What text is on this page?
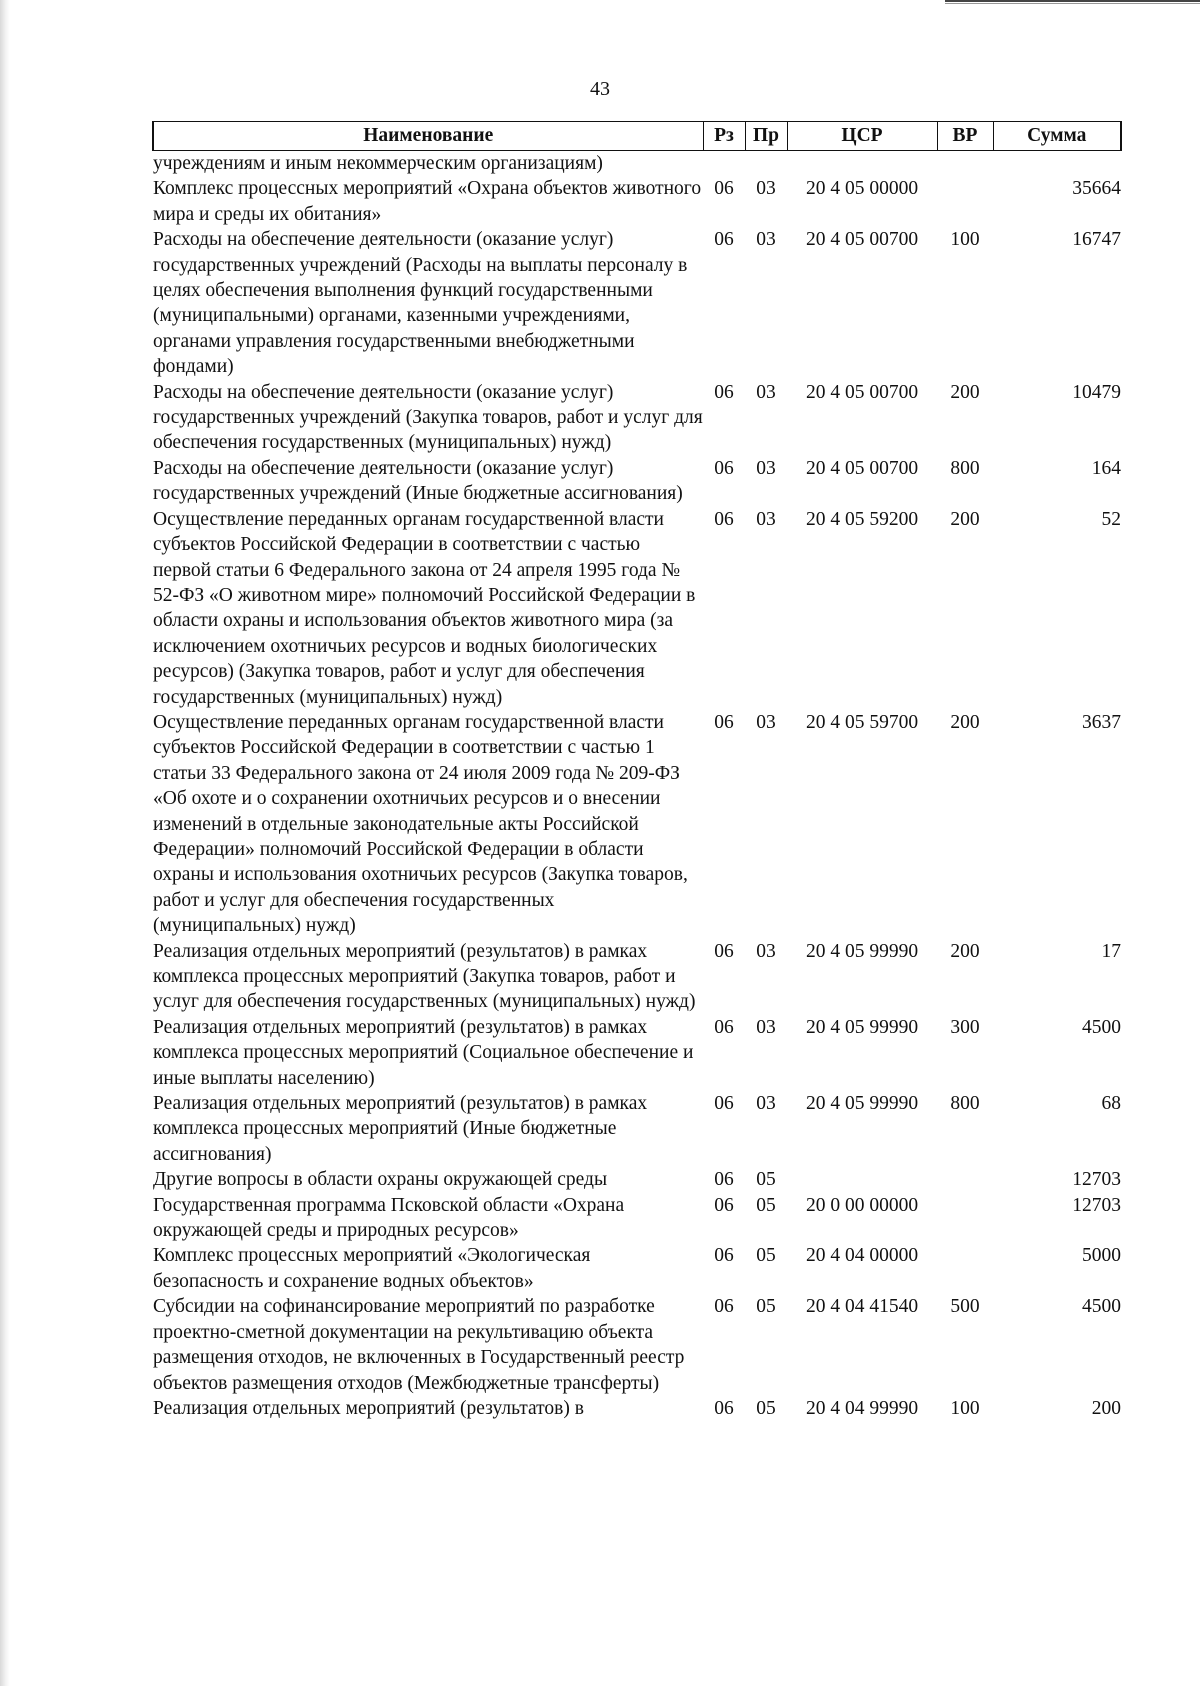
43
Наименование	Рз	Пр	ЦСР	ВР	Сумма
учреждениям и иным некоммерческим организациям)					
Комплекс процессных мероприятий «Охрана объектов животного мира и среды их обитания»	06	03	20 4 05 00000		35664
Расходы на обеспечение деятельности (оказание услуг) государственных учреждений (Расходы на выплаты персоналу в целях обеспечения выполнения функций государственными (муниципальными) органами, казенными учреждениями, органами управления государственными внебюджетными фондами)	06	03	20 4 05 00700	100	16747
Расходы на обеспечение деятельности (оказание услуг) государственных учреждений (Закупка товаров, работ и услуг для обеспечения государственных (муниципальных) нужд)	06	03	20 4 05 00700	200	10479
Расходы на обеспечение деятельности (оказание услуг) государственных учреждений (Иные бюджетные ассигнования)	06	03	20 4 05 00700	800	164
Осуществление переданных органам государственной власти субъектов Российской Федерации в соответствии с частью первой статьи 6 Федерального закона от 24 апреля 1995 года № 52-ФЗ «О животном мире» полномочий Российской Федерации в области охраны и использования объектов животного мира (за исключением охотничьих ресурсов и водных биологических ресурсов) (Закупка товаров, работ и услуг для обеспечения государственных (муниципальных) нужд)	06	03	20 4 05 59200	200	52
Осуществление переданных органам государственной власти субъектов Российской Федерации в соответствии с частью 1 статьи 33 Федерального закона от 24 июля 2009 года № 209-ФЗ «Об охоте и о сохранении охотничьих ресурсов и о внесении изменений в отдельные законодательные акты Российской Федерации» полномочий Российской Федерации в области охраны и использования охотничьих ресурсов (Закупка товаров, работ и услуг для обеспечения государственных (муниципальных) нужд)	06	03	20 4 05 59700	200	3637
Реализация отдельных мероприятий (результатов) в рамках комплекса процессных мероприятий (Закупка товаров, работ и услуг для обеспечения государственных (муниципальных) нужд)	06	03	20 4 05 99990	200	17
Реализация отдельных мероприятий (результатов) в рамках комплекса процессных мероприятий (Социальное обеспечение и иные выплаты населению)	06	03	20 4 05 99990	300	4500
Реализация отдельных мероприятий (результатов) в рамках комплекса процессных мероприятий (Иные бюджетные ассигнования)	06	03	20 4 05 99990	800	68
Другие вопросы в области охраны окружающей среды	06	05			12703
Государственная программа Псковской области «Охрана окружающей среды и природных ресурсов»	06	05	20 0 00 00000		12703
Комплекс процессных мероприятий «Экологическая безопасность и сохранение водных объектов»	06	05	20 4 04 00000		5000
Субсидии на софинансирование мероприятий по разработке проектно-сметной документации на рекультивацию объекта размещения отходов, не включенных в Государственный реестр объектов размещения отходов (Межбюджетные трансферты)	06	05	20 4 04 41540	500	4500
Реализация отдельных мероприятий (результатов) в	06	05	20 4 04 99990	100	200
